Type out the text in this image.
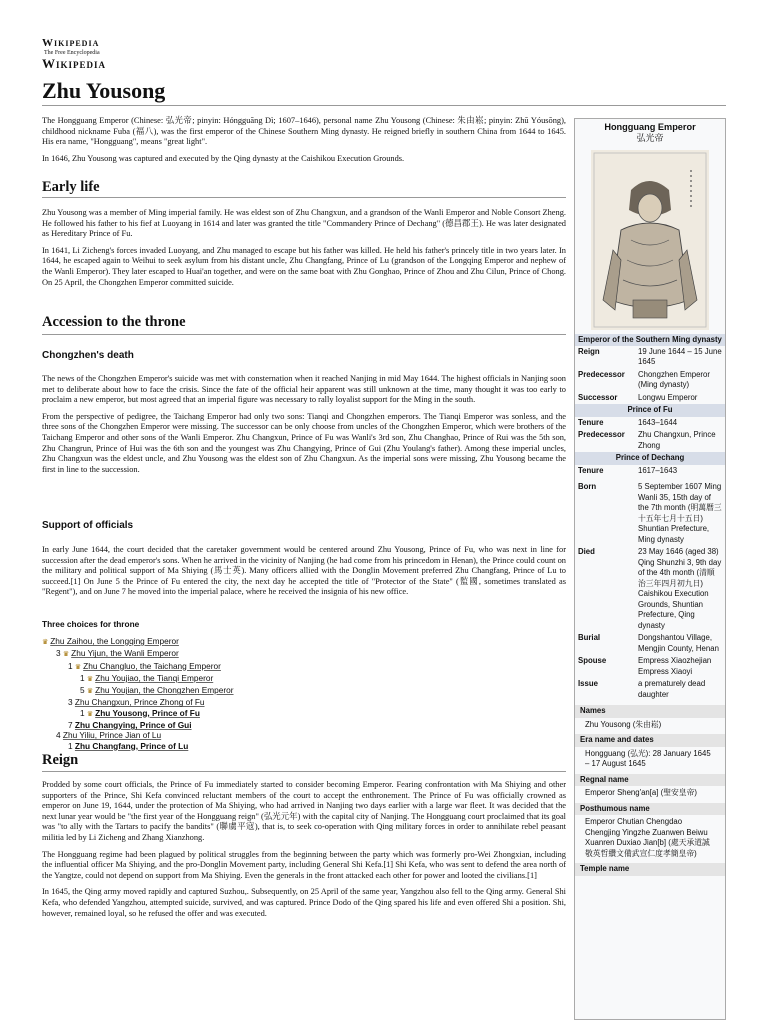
Wikipedia
The Free Encyclopedia
Wikipedia
Zhu Yousong

The Hongguang Emperor (Chinese: 弘光帝; pinyin: Hóngguāng Dì; 1607–1646), personal name Zhu Yousong (Chinese: 朱由崧; pinyin: Zhū Yóusōng), childhood nickname Fuba (福八), was the first emperor of the Chinese Southern Ming dynasty. He reigned briefly in southern China from 1644 to 1645. His era name, "Hongguang", means "great light".

In 1646, Zhu Yousong was captured and executed by the Qing dynasty at the Caishikou Execution Grounds.

Early life

Zhu Yousong was a member of Ming imperial family. He was eldest son of Zhu Changxun, and a grandson of the Wanli Emperor and Noble Consort Zheng. He followed his father to his fief at Luoyang in 1614 and later was granted the title "Commandery Prince of Dechang" (德昌郡王). He was later designated as Hereditary Prince of Fu.

In 1641, Li Zicheng's forces invaded Luoyang, and Zhu managed to escape but his father was killed. He held his father's princely title in two years later. In 1644, he escaped again to Weihui to seek asylum from his distant uncle, Zhu Changfang, Prince of Lu (grandson of the Longqing Emperor and nephew of the Wanli Emperor). They later escaped to Huai'an together, and were on the same boat with Zhu Gonghao, Prince of Zhou and Zhu Cilun, Prince of Chong. On 25 April, the Chongzhen Emperor committed suicide.

Accession to the throne
Chongzhen's death

The news of the Chongzhen Emperor's suicide was met with consternation when it reached Nanjing in mid May 1644. The highest officials in Nanjing soon met to deliberate about how to face the crisis. Since the fate of the official heir apparent was still unknown at the time, many thought it was too early to proclaim a new emperor, but most agreed that an imperial figure was necessary to rally loyalist support for the Ming in the south.

From the perspective of pedigree, the Taichang Emperor had only two sons: Tianqi and Chongzhen emperors. The Tianqi Emperor was sonless, and the three sons of the Chongzhen Emperor were missing. The successor can be only choose from uncles of the Chongzhen Emperor, which were brothers of the Taichang Emperor and other sons of the Wanli Emperor. Zhu Changxun, Prince of Fu was Wanli's 3rd son, Zhu Changhao, Prince of Rui was the 5th son, Zhu Changrun, Prince of Hui was the 6th son and the youngest was Zhu Changying, Prince of Gui (Zhu Youlang's father). Among these imperial uncles, Zhu Changxun was the eldest uncle, and Zhu Yousong was the eldest son of Zhu Changxun. As the imperial sons were missing, Zhu Yousong became the first in line to the succession.

Support of officials

In early June 1644, the court decided that the caretaker government would be centered around Zhu Yousong, Prince of Fu, who was next in line for succession after the dead emperor's sons. When he arrived in the vicinity of Nanjing (he had come from his princedom in Henan), the Prince could count on the military and political support of Ma Shiying (馬士英). Many officers allied with the Donglin Movement preferred Zhu Changfang, Prince of Lu to succeed.[1] On June 5 the Prince of Fu entered the city, the next day he accepted the title of "Protector of the State" (監國, sometimes translated as "Regent"), and on June 7 he moved into the imperial palace, where he received the insignia of his new office.

Three choices for throne
♛ Zhu Zaihou, the Longqing Emperor
3 ♛ Zhu Yijun, the Wanli Emperor
1 ♛ Zhu Changluo, the Taichang Emperor
1 ♛ Zhu Youjiao, the Tianqi Emperor
5 ♛ Zhu Youjian, the Chongzhen Emperor
3 Zhu Changxun, Prince Zhong of Fu
1 ♛ Zhu Yousong, Prince of Fu
7 Zhu Changying, Prince of Gui
4 Zhu Yiliu, Prince Jian of Lu
1 Zhu Changfang, Prince of Lu
Reign

Prodded by some court officials, the Prince of Fu immediately started to consider becoming Emperor. Fearing confrontation with Ma Shiying and other supporters of the Prince, Shi Kefa convinced reluctant members of the court to accept the enthronement. The Prince of Fu was officially crowned as emperor on June 19, 1644, under the protection of Ma Shiying, who had arrived in Nanjing two days earlier with a large war fleet. It was decided that the next lunar year would be "the first year of the Hongguang reign" (弘光元年) with the capital city of Nanjing. The Hongguang court proclaimed that its goal was "to ally with the Tartars to pacify the bandits" (聯虜平寇), that is, to seek co-operation with Qing military forces in order to annihilate rebel peasant militia led by Li Zicheng and Zhang Xianzhong.

The Hongguang regime had been plagued by political struggles from the beginning between the party which was formerly pro-Wei Zhongxian, including the influential officer Ma Shiying, and the pro-Donglin Movement party, including General Shi Kefa.[1] Shi Kefa, who was sent to defend the area north of the Yangtze, could not depend on support from Ma Shiying. Even the generals in the front attacked each other for power and looted the civilians.[1]

In 1645, the Qing army moved rapidly and captured Suzhou,. Subsequently, on 25 April of the same year, Yangzhou also fell to the Qing army. General Shi Kefa, who defended Yangzhou, attempted suicide, survived, and was captured. Prince Dodo of the Qing spared his life and even offered Shi a position. Shi, however, remained loyal, so he refused the offer and was executed.

Hongguang Emperor
弘光帝
Emperor of the Southern Ming dynasty
Reign	19 June 1644 – 15 June 1645
Predecessor	Chongzhen Emperor (Ming dynasty)
Successor	Longwu Emperor
Prince of Fu
Tenure	1643–1644
Predecessor	Zhu Changxun, Prince Zhong
Prince of Dechang
Tenure	1617–1643
Born	5 September 1607 Ming Wanli 35, 15th day of the 7th month (明萬曆三十五年七月十五日) Shuntian Prefecture, Ming dynasty
Died	23 May 1646 (aged 38) Qing Shunzhi 3, 9th day of the 4th month (清順治三年四月初九日) Caishikou Execution Grounds, Shuntian Prefecture, Qing dynasty
Burial	Dongshantou Village, Mengjin County, Henan
Spouse	Empress Xiaozhejian Empress Xiaoyi
Issue	a prematurely dead daughter
Names
Zhu Yousong (朱由崧)
Era name and dates
Hongguang (弘光): 28 January 1645 – 17 August 1645
Regnal name
Emperor Sheng'an[a] (聖安皇帝)
Posthumous name
Emperor Chutian Chengdao Chengjing Yingzhe Zuanwen Beiwu Xuanren Duxiao Jian[b] (處天承道誠敬英哲纘文備武宣仁度孝簡皇帝)
Temple name
